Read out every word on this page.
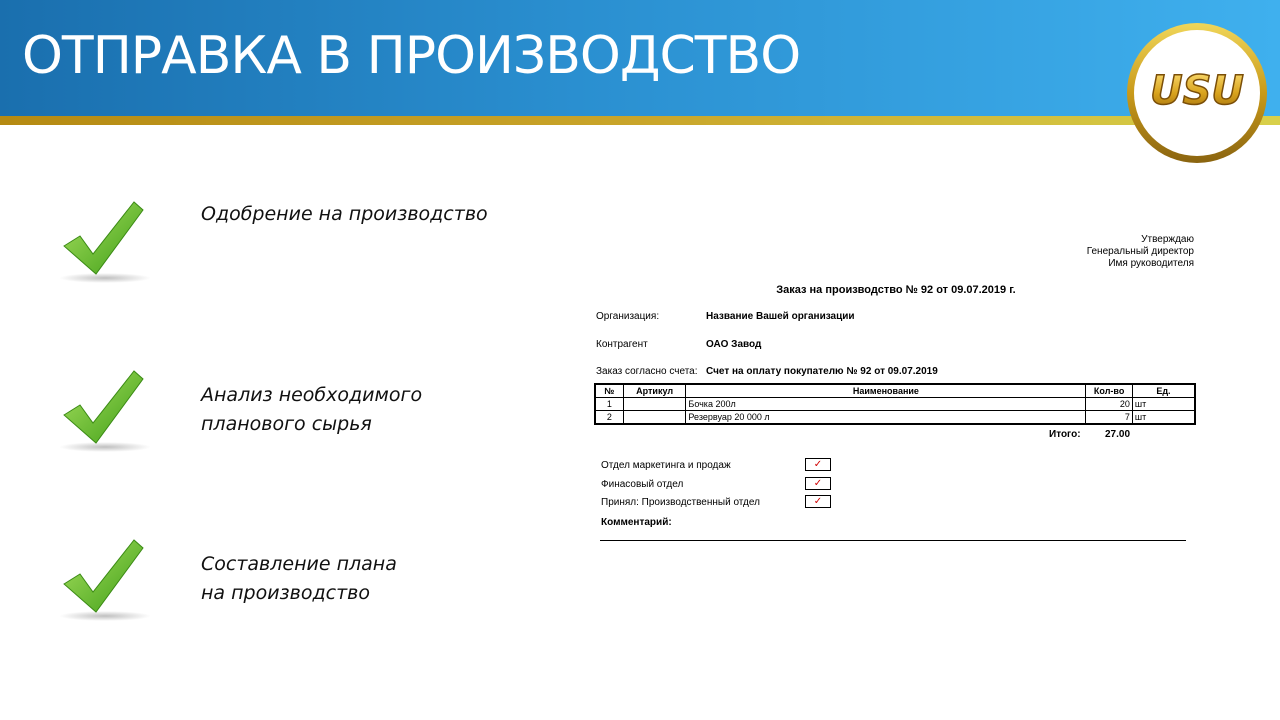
ОТПРАВКА В ПРОИЗВОДСТВО
USU
Одобрение на производство
Анализ необходимого
планового сырья
Составление плана
на производство
Утверждаю
Генеральный директор
Имя руководителя
Заказ на производство № 92 от 09.07.2019 г.
Организация:	Название Вашей организации
Контрагент	ОАО Завод
Заказ согласно счета: Счет на оплату покупателю № 92 от 09.07.2019
№	Артикул	Наименование	Кол-во	Ед.
1		Бочка 200л	20	шт
2		Резервуар 20 000 л	7	шт
Итого: 27.00
Отдел маркетинга и продаж	✓
Финасовый отдел	✓
Принял: Производственный отдел	✓
Комментарий:
